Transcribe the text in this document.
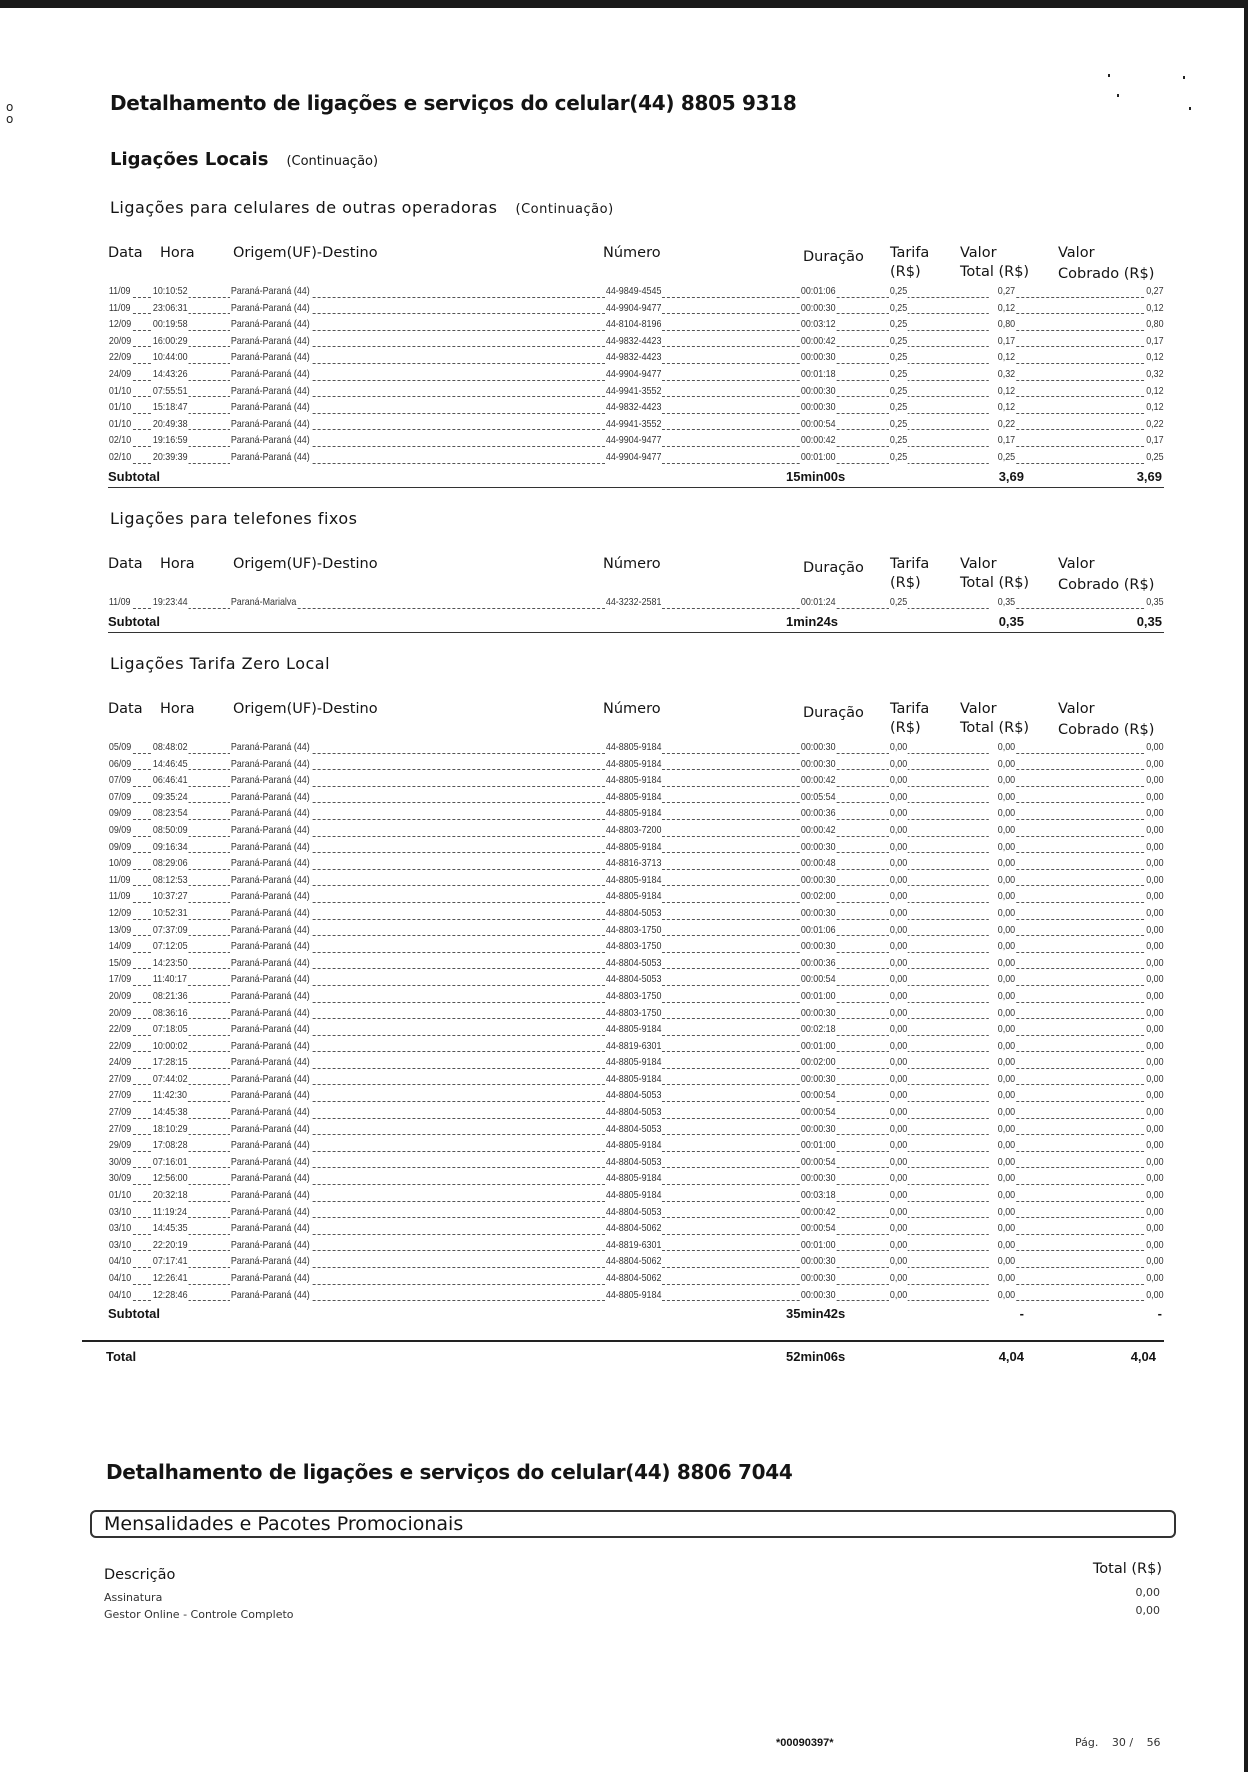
o
o
Detalhamento de ligações e serviços do celular(44) 8805 9318
Ligações Locais (Continuação)
Ligações para celulares de outras operadoras (Continuação)
Data Hora	Origem(UF)-Destino	Número	Duração Tarifa
(R$)
Valor
Total (R$)
Valor
Cobrado (R$)
11/09 10:10:52	Paraná-Paraná (44)	44-9849-4545	00:01:06	0,25	0,27	0,27
11/09 23:06:31	Paraná-Paraná (44)	44-9904-9477	00:00:30	0,25	0,12	0,12
12/09 00:19:58	Paraná-Paraná (44)	44-8104-8196	00:03:12	0,25	0,80	0,80
20/09 16:00:29	Paraná-Paraná (44)	44-9832-4423	00:00:42	0,25	0,17	0,17
22/09 10:44:00	Paraná-Paraná (44)	44-9832-4423	00:00:30	0,25	0,12	0,12
24/09 14:43:26	Paraná-Paraná (44)	44-9904-9477	00:01:18	0,25	0,32	0,32
01/10 07:55:51	Paraná-Paraná (44)	44-9941-3552	00:00:30	0,25	0,12	0,12
01/10 15:18:47	Paraná-Paraná (44)	44-9832-4423	00:00:30	0,25	0,12	0,12
01/10 20:49:38	Paraná-Paraná (44)	44-9941-3552	00:00:54	0,25	0,22	0,22
02/10 19:16:59	Paraná-Paraná (44)	44-9904-9477	00:00:42	0,25	0,17	0,17
02/10 20:39:39	Paraná-Paraná (44)	44-9904-9477	00:01:00	0,25	0,25	0,25
Subtotal	15min00s	3,69	3,69
Ligações para telefones fixos
Data Hora	Origem(UF)-Destino	Número	Duração Tarifa
(R$)
Valor
Total (R$)
Valor
Cobrado (R$)
11/09 19:23:44	Paraná-Marialva	44-3232-2581	00:01:24	0,25	0,35	0,35
Subtotal	1min24s	0,35	0,35
Ligações Tarifa Zero Local
Data Hora	Origem(UF)-Destino	Número	Duração Tarifa
(R$)
Valor
Total (R$)
Valor
Cobrado (R$)
05/09 08:48:02	Paraná-Paraná (44)	44-8805-9184	00:00:30	0,00	0,00	0,00
06/09 14:46:45	Paraná-Paraná (44)	44-8805-9184	00:00:30	0,00	0,00	0,00
07/09 06:46:41	Paraná-Paraná (44)	44-8805-9184	00:00:42	0,00	0,00	0,00
07/09 09:35:24	Paraná-Paraná (44)	44-8805-9184	00:05:54	0,00	0,00	0,00
09/09 08:23:54	Paraná-Paraná (44)	44-8805-9184	00:00:36	0,00	0,00	0,00
09/09 08:50:09	Paraná-Paraná (44)	44-8803-7200	00:00:42	0,00	0,00	0,00
09/09 09:16:34	Paraná-Paraná (44)	44-8805-9184	00:00:30	0,00	0,00	0,00
10/09 08:29:06	Paraná-Paraná (44)	44-8816-3713	00:00:48	0,00	0,00	0,00
11/09 08:12:53	Paraná-Paraná (44)	44-8805-9184	00:00:30	0,00	0,00	0,00
11/09 10:37:27	Paraná-Paraná (44)	44-8805-9184	00:02:00	0,00	0,00	0,00
12/09 10:52:31	Paraná-Paraná (44)	44-8804-5053	00:00:30	0,00	0,00	0,00
13/09 07:37:09	Paraná-Paraná (44)	44-8803-1750	00:01:06	0,00	0,00	0,00
14/09 07:12:05	Paraná-Paraná (44)	44-8803-1750	00:00:30	0,00	0,00	0,00
15/09 14:23:50	Paraná-Paraná (44)	44-8804-5053	00:00:36	0,00	0,00	0,00
17/09 11:40:17	Paraná-Paraná (44)	44-8804-5053	00:00:54	0,00	0,00	0,00
20/09 08:21:36	Paraná-Paraná (44)	44-8803-1750	00:01:00	0,00	0,00	0,00
20/09 08:36:16	Paraná-Paraná (44)	44-8803-1750	00:00:30	0,00	0,00	0,00
22/09 07:18:05	Paraná-Paraná (44)	44-8805-9184	00:02:18	0,00	0,00	0,00
22/09 10:00:02	Paraná-Paraná (44)	44-8819-6301	00:01:00	0,00	0,00	0,00
24/09 17:28:15	Paraná-Paraná (44)	44-8805-9184	00:02:00	0,00	0,00	0,00
27/09 07:44:02	Paraná-Paraná (44)	44-8805-9184	00:00:30	0,00	0,00	0,00
27/09 11:42:30	Paraná-Paraná (44)	44-8804-5053	00:00:54	0,00	0,00	0,00
27/09 14:45:38	Paraná-Paraná (44)	44-8804-5053	00:00:54	0,00	0,00	0,00
27/09 18:10:29	Paraná-Paraná (44)	44-8804-5053	00:00:30	0,00	0,00	0,00
29/09 17:08:28	Paraná-Paraná (44)	44-8805-9184	00:01:00	0,00	0,00	0,00
30/09 07:16:01	Paraná-Paraná (44)	44-8804-5053	00:00:54	0,00	0,00	0,00
30/09 12:56:00	Paraná-Paraná (44)	44-8805-9184	00:00:30	0,00	0,00	0,00
01/10 20:32:18	Paraná-Paraná (44)	44-8805-9184	00:03:18	0,00	0,00	0,00
03/10 11:19:24	Paraná-Paraná (44)	44-8804-5053	00:00:42	0,00	0,00	0,00
03/10 14:45:35	Paraná-Paraná (44)	44-8804-5062	00:00:54	0,00	0,00	0,00
03/10 22:20:19	Paraná-Paraná (44)	44-8819-6301	00:01:00	0,00	0,00	0,00
04/10 07:17:41	Paraná-Paraná (44)	44-8804-5062	00:00:30	0,00	0,00	0,00
04/10 12:26:41	Paraná-Paraná (44)	44-8804-5062	00:00:30	0,00	0,00	0,00
04/10 12:28:46	Paraná-Paraná (44)	44-8805-9184	00:00:30	0,00	0,00	0,00
Subtotal	35min42s	-	-
Total	52min06s	4,04	4,04
Detalhamento de ligações e serviços do celular(44) 8806 7044
Mensalidades e Pacotes Promocionais
Descrição	Total (R$)
Assinatura	0,00
Gestor Online - Controle Completo	0,00
*00090397*	Pág. 30 / 56
